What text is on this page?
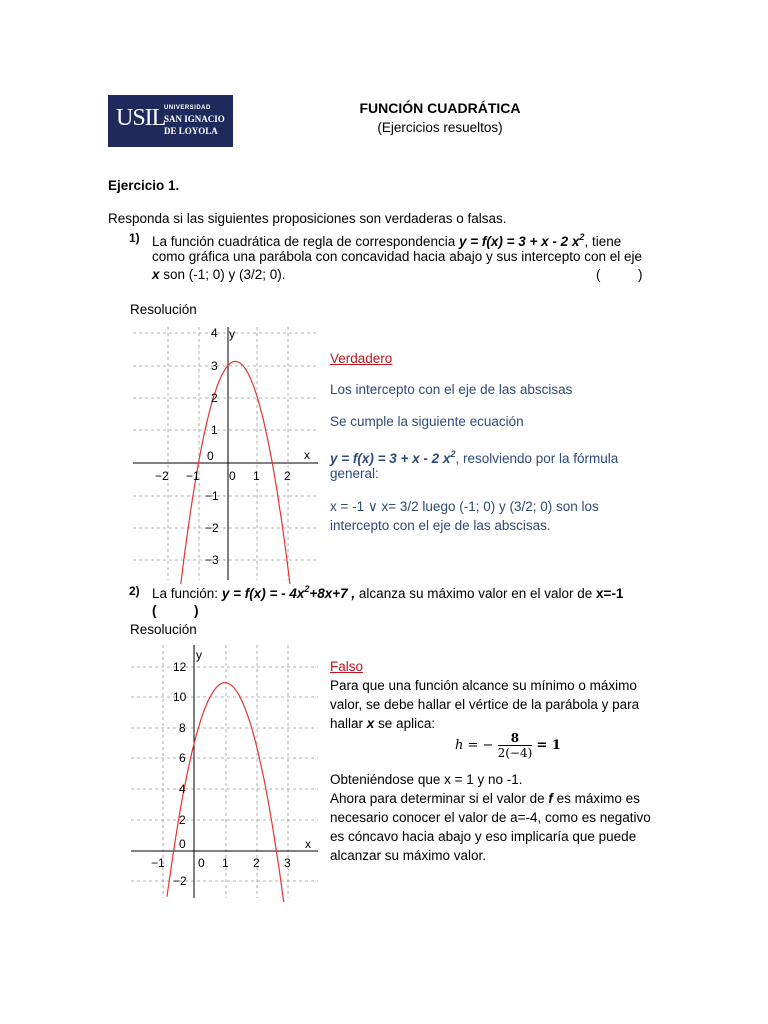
USIL
UNIVERSIDAD
SAN IGNACIO
DE LOYOLA
FUNCIÓN CUADRÁTICA
(Ejercicios resueltos)
Ejercicio 1.
Responda si las siguientes proposiciones son verdaderas o falsas.
1) La función cuadrática de regla de correspondencia y = f(x) = 3 + x - 2 $x^2$, tiene
como gráfica una parábola con concavidad hacia abajo y sus intercepto con el eje
x son (-1; 0) y (3/2; 0).	(          )
Resolución
x
y
−2 −1 0 1 2
4
3
2
1
0
−1
−2
−3
Verdadero
Los intercepto con el eje de las abscisas
Se cumple la siguiente ecuación
y = f(x) = 3 + x - 2 $x^2$, resolviendo por la fórmula
general:
x = -1 ∨ x= 3/2 luego (-1; 0) y (3/2; 0) son los
intercepto con el eje de las abscisas.
2) La función: y = f(x) = - $4x^2+8x+7$ , alcanza su máximo valor en el valor de x=-1
(          )
Resolución
x
y
−1	0 1 2 3
12
10
8
6
4
2
0
−2
Falso
Para que una función alcance su mínimo o máximo
valor, se debe hallar el vértice de la parábola y para
hallar x se aplica:
h = − $\frac{8}{2(-4)} = 1$
Obteniéndose que x = 1 y no -1.
Ahora para determinar si el valor de f es máximo es
necesario conocer el valor de a=-4, como es negativo
es cóncavo hacia abajo y eso implicaría que puede
alcanzar su máximo valor.
